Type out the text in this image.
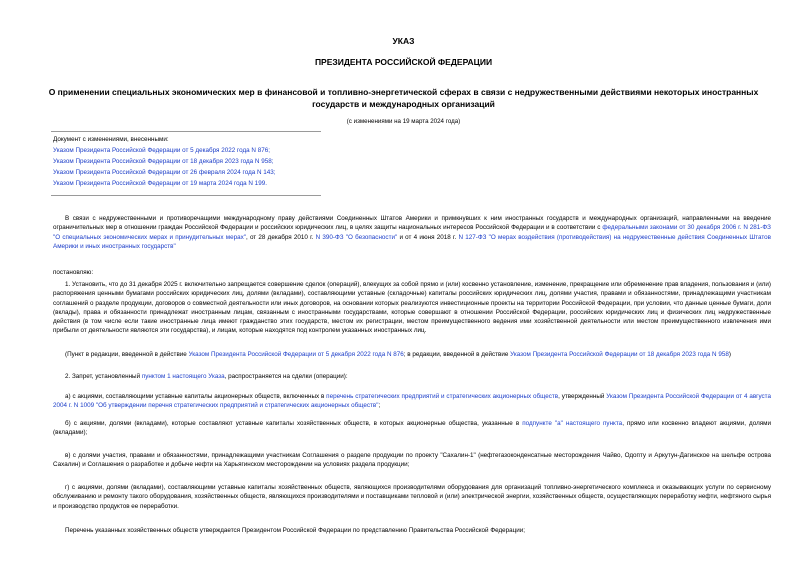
УКАЗ
ПРЕЗИДЕНТА РОССИЙСКОЙ ФЕДЕРАЦИИ
О применении специальных экономических мер в финансовой и топливно-энергетической сферах в связи с недружественными действиями некоторых иностранных государств и международных организаций
(с изменениями на 19 марта 2024 года)
Документ с изменениями, внесенными:
Указом Президента Российской Федерации от 5 декабря 2022 года N 876;
Указом Президента Российской Федерации от 18 декабря 2023 года N 958;
Указом Президента Российской Федерации от 26 февраля 2024 года N 143;
Указом Президента Российской Федерации от 19 марта 2024 года N 199.
В связи с недружественными и противоречащими международному праву действиями Соединенных Штатов Америки и примкнувших к ним иностранных государств и международных организаций, направленными на введение ограничительных мер в отношении граждан Российской Федерации и российских юридических лиц, в целях защиты национальных интересов Российской Федерации и в соответствии с федеральными законами от 30 декабря 2006 г. N 281-ФЗ "О специальных экономических мерах и принудительных мерах", от 28 декабря 2010 г. N 390-ФЗ "О безопасности" и от 4 июня 2018 г. N 127-ФЗ "О мерах воздействия (противодействия) на недружественные действия Соединенных Штатов Америки и иных иностранных государств"
постановляю:
1. Установить, что до 31 декабря 2025 г. включительно запрещается совершение сделок (операций), влекущих за собой прямо и (или) косвенно установление, изменение, прекращение или обременение прав владения, пользования и (или) распоряжения ценными бумагами российских юридических лиц, долями (вкладами), составляющими уставные (складочные) капиталы российских юридических лиц, долями участия, правами и обязанностями, принадлежащими участникам соглашений о разделе продукции, договоров о совместной деятельности или иных договоров, на основании которых реализуются инвестиционные проекты на территории Российской Федерации, при условии, что данные ценные бумаги, доли (вклады), права и обязанности принадлежат иностранным лицам, связанным с иностранными государствами, которые совершают в отношении Российской Федерации, российских юридических лиц и физических лиц недружественные действия (в том числе если такие иностранные лица имеют гражданство этих государств, местом их регистрации, местом преимущественного ведения ими хозяйственной деятельности или местом преимущественного извлечения ими прибыли от деятельности являются эти государства), и лицам, которые находятся под контролем указанных иностранных лиц.
(Пункт в редакции, введенной в действие Указом Президента Российской Федерации от 5 декабря 2022 года N 876; в редакции, введенной в действие Указом Президента Российской Федерации от 18 декабря 2023 года N 958)
2. Запрет, установленный пунктом 1 настоящего Указа, распространяется на сделки (операции):
а) с акциями, составляющими уставные капиталы акционерных обществ, включенных в перечень стратегических предприятий и стратегических акционерных обществ, утвержденный Указом Президента Российской Федерации от 4 августа 2004 г. N 1009 "Об утверждении перечня стратегических предприятий и стратегических акционерных обществ";
б) с акциями, долями (вкладами), которые составляют уставные капиталы хозяйственных обществ, в которых акционерные общества, указанные в подпункте "а" настоящего пункта, прямо или косвенно владеют акциями, долями (вкладами);
в) с долями участия, правами и обязанностями, принадлежащими участникам Соглашения о разделе продукции по проекту "Сахалин-1" (нефтегазоконденсатные месторождения Чайво, Одопту и Аркутун-Дагинское на шельфе острова Сахалин) и Соглашения о разработке и добыче нефти на Харьягинском месторождении на условиях раздела продукции;
г) с акциями, долями (вкладами), составляющими уставные капиталы хозяйственных обществ, являющихся производителями оборудования для организаций топливно-энергетического комплекса и оказывающих услуги по сервисному обслуживанию и ремонту такого оборудования, хозяйственных обществ, являющихся производителями и поставщиками тепловой и (или) электрической энергии, хозяйственных обществ, осуществляющих переработку нефти, нефтяного сырья и производство продуктов ее переработки.
Перечень указанных хозяйственных обществ утверждается Президентом Российской Федерации по представлению Правительства Российской Федерации;
